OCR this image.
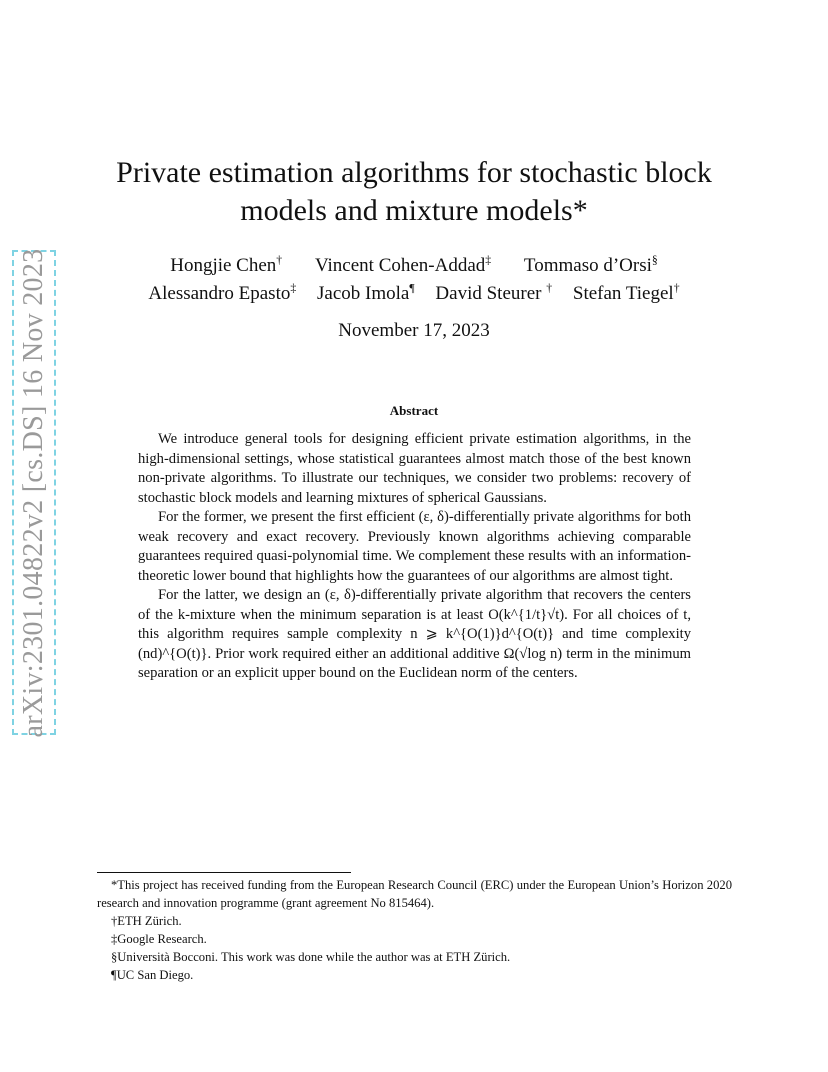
arXiv:2301.04822v2 [cs.DS] 16 Nov 2023
Private estimation algorithms for stochastic block
models and mixture models*
Hongjie Chen† Vincent Cohen-Addad‡ Tommaso d’Orsi§
Alessandro Epasto‡ Jacob Imola¶ David Steurer † Stefan Tiegel†
November 17, 2023
Abstract

We introduce general tools for designing efficient private estimation algorithms, in the high-dimensional settings, whose statistical guarantees almost match those of the best known non-private algorithms. To illustrate our techniques, we consider two problems: recovery of stochastic block models and learning mixtures of spherical Gaussians.

For the former, we present the first efficient (ε, δ)-differentially private algorithms for both weak recovery and exact recovery. Previously known algorithms achieving comparable guarantees required quasi-polynomial time. We complement these results with an information-theoretic lower bound that highlights how the guarantees of our algorithms are almost tight.

For the latter, we design an (ε, δ)-differentially private algorithm that recovers the centers of the k-mixture when the minimum separation is at least O(k^{1/t}√t). For all choices of t, this algorithm requires sample complexity n ⩾ k^{O(1)}d^{O(t)} and time complexity (nd)^{O(t)}. Prior work required either an additional additive Ω(√log n) term in the minimum separation or an explicit upper bound on the Euclidean norm of the centers.

*This project has received funding from the European Research Council (ERC) under the European Union’s Horizon 2020 research and innovation programme (grant agreement No 815464).

†ETH Zürich.

‡Google Research.

§Università Bocconi. This work was done while the author was at ETH Zürich.

¶UC San Diego.
